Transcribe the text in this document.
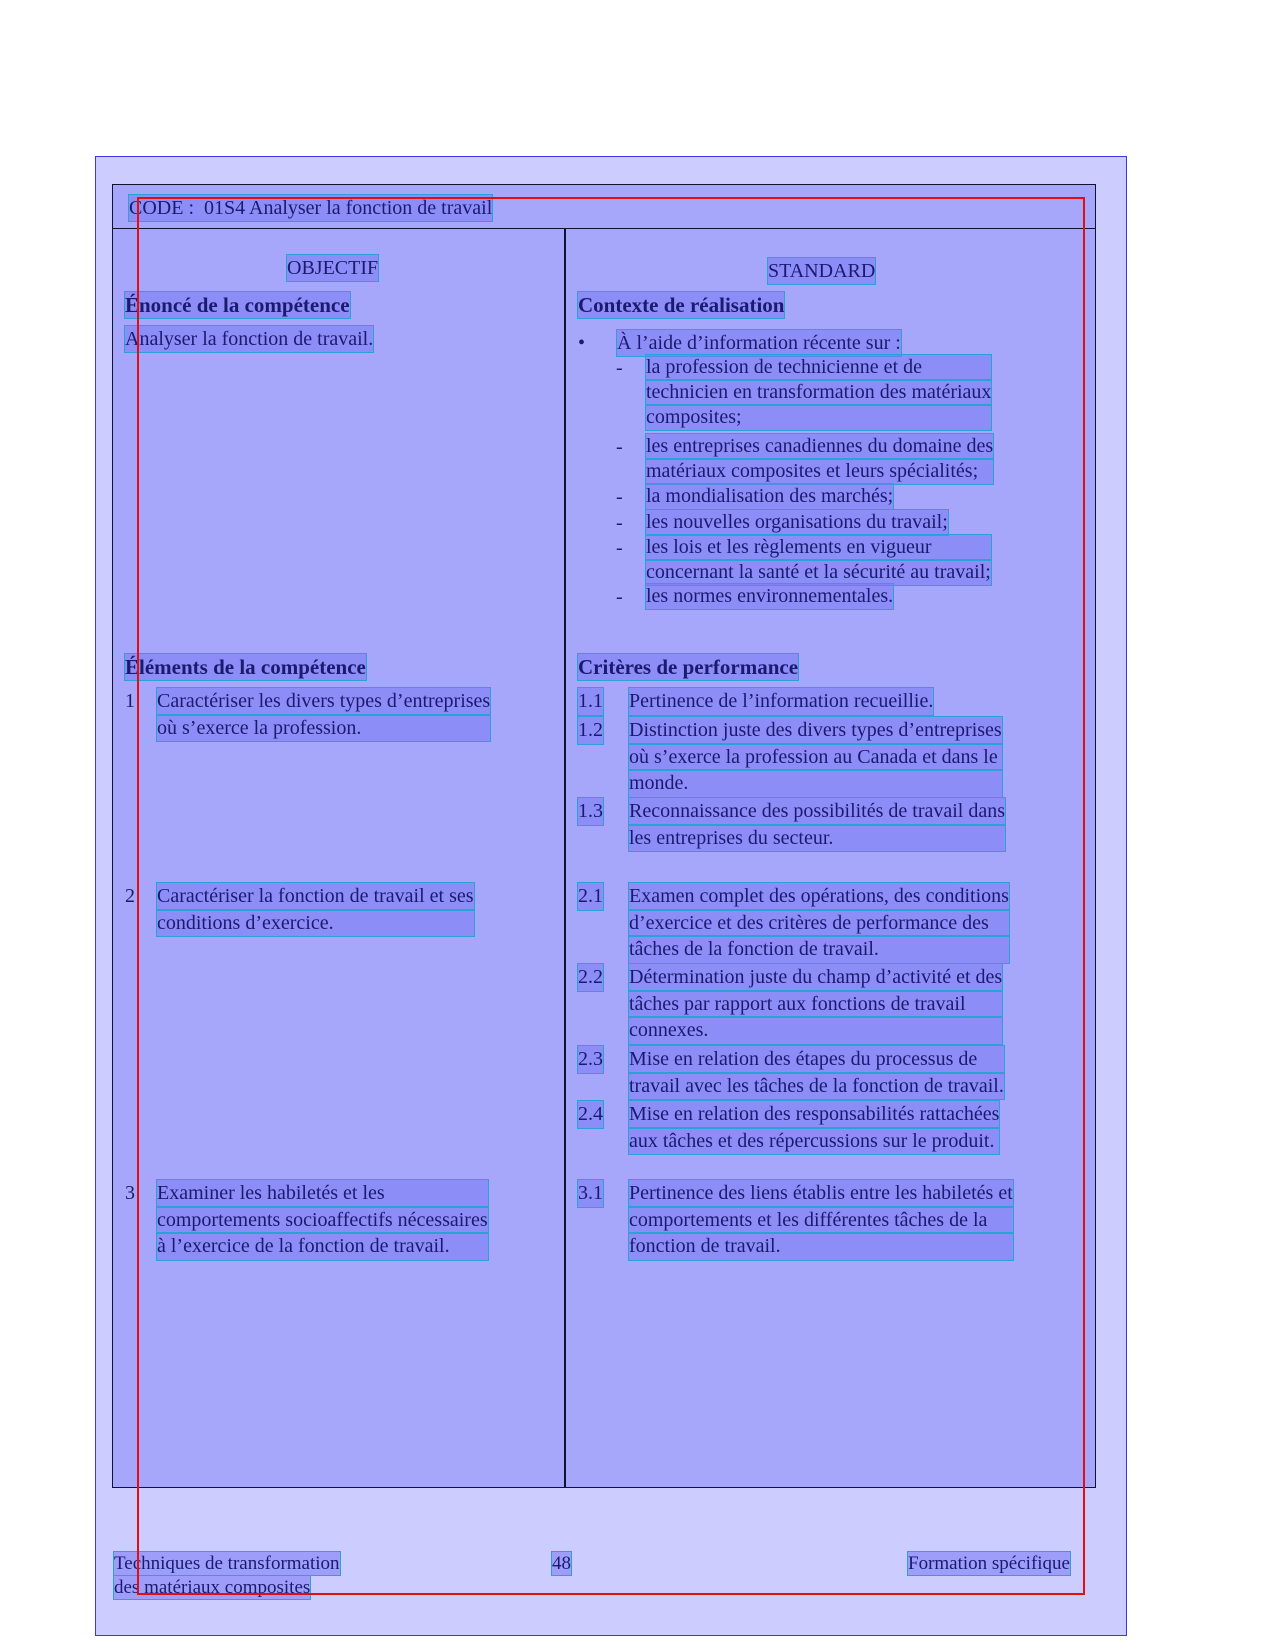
CODE : 01S4 Analyser la fonction de travail
OBJECTIF	STANDARD
Énoncé de la compétence
Analyser la fonction de travail.
Contexte de réalisation
• À l’aide d’information récente sur :
- la profession de technicienne et de
technicien en transformation des matériaux
composites;
- les entreprises canadiennes du domaine des
matériaux composites et leurs spécialités;
- la mondialisation des marchés;
- les nouvelles organisations du travail;
- les lois et les règlements en vigueur
concernant la santé et la sécurité au travail;
- les normes environnementales.
Éléments de la compétence
1 Caractériser les divers types d’entreprises
où s’exerce la profession.
2 Caractériser la fonction de travail et ses
conditions d’exercice.
3 Examiner les habiletés et les
comportements socioaffectifs nécessaires
à l’exercice de la fonction de travail.
Critères de performance
1.1 Pertinence de l’information recueillie.
1.2 Distinction juste des divers types d’entreprises
où s’exerce la profession au Canada et dans le
monde.
1.3 Reconnaissance des possibilités de travail dans
les entreprises du secteur.
2.1 Examen complet des opérations, des conditions
d’exercice et des critères de performance des
tâches de la fonction de travail.
2.2 Détermination juste du champ d’activité et des
tâches par rapport aux fonctions de travail
connexes.
2.3 Mise en relation des étapes du processus de
travail avec les tâches de la fonction de travail.
2.4 Mise en relation des responsabilités rattachées
aux tâches et des répercussions sur le produit.
3.1 Pertinence des liens établis entre les habiletés et
comportements et les différentes tâches de la
fonction de travail.
Techniques de transformation
des matériaux composites
48	Formation spécifique
